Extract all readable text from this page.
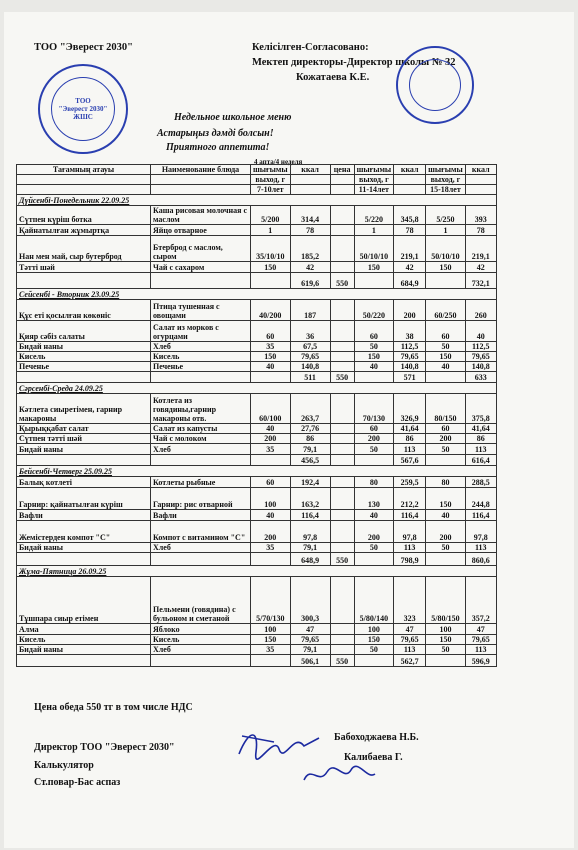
ТОО "Эверест 2030"	Келісілген-Согласовано:
Мектеп директоры-Директор школы № 32
Кожатаева К.Е.
ТОО
"Эверест 2030"
ЖШС	Недельное школьное меню
Астарыңыз дәмді болсын!
Приятного аппетита!
4 апта/4 неделя
Тағамның атауы	Наименование блюда	шығымы	ккал	цена	шығымы	ккал	шығымы	ккал
		выход, г			выход, г		выход, г	
		7-10лет			11-14лет		15-18лет	
Дүйсенбі-Понедельник 22.09.25								
Сүтпен күріш ботка	Каша рисовая молочная с маслом	5/200	314,4		5/220	345,8	5/250	393
Қайнатылған жұмыртқа	Яйцо отварное	1	78		1	78	1	78
Нан мен май, сыр бутерброд	Бтерброд с маслом, сыром	35/10/10	185,2		50/10/10	219,1	50/10/10	219,1
Тәтті шәй	Чай с сахаром	150	42		150	42	150	42
			619,6	550		684,9		732,1
Сейсенбі - Вторник 23.09.25								
Құс еті қосылған көкөніс	Птица тушенная с овощами	40/200	187		50/220	200	60/250	260
Қияр сәбіз салаты	Салат из морков с огурцами	60	36		60	38	60	40
Бидай наны	Хлеб	35	67,5		50	112,5	50	112,5
Кисель	Кисель	150	79,65		150	79,65	150	79,65
Печенье	Печенье	40	140,8		40	140,8	40	140,8
			511	550		571		633
Сәрсенбі-Среда 24.09.25								
Кәтлета сиыретімен, гарнир макароны	Котлета из говядины,гарнир макароны отв.	60/100	263,7		70/130	326,9	80/150	375,8
Қырыққабат салат	Салат из капусты	40	27,76		60	41,64	60	41,64
Сүтпен тәтті шәй	Чай с молоком	200	86		200	86	200	86
Бидай наны	Хлеб	35	79,1		50	113	50	113
			456,5			567,6		616,4
Бейсенбі-Четверг 25.09.25								
Балық котлеті	Котлеты рыбные	60	192,4		80	259,5	80	288,5
Гарнир: қайнатылған күріш	Гарнир: рис отварной	100	163,2		130	212,2	150	244,8
Вафли	Вафли	40	116,4		40	116,4	40	116,4
Жемістерден компот "С"	Компот с витамином "С"	200	97,8		200	97,8	200	97,8
Бидай наны	Хлеб	35	79,1		50	113	50	113
			648,9	550		798,9		860,6
Жұма-Пятница 26.09.25								
Тұшпара сиыр етімен	Пельмени (говядина) с бульоном и сметаной	5/70/130	300,3		5/80/140	323	5/80/150	357,2
Алма	Яблоко	100	47		100	47	100	47
Кисель	Кисель	150	79,65		150	79,65	150	79,65
Бидай наны	Хлеб	35	79,1		50	113	50	113
			506,1	550		562,7		596,9
Цена обеда 550 тг в том числе НДС
Директор ТОО "Эверест 2030"
Калькулятор
Ст.повар-Бас аспаз
Бабоходжаева Н.Б.
Калибаева Г.
